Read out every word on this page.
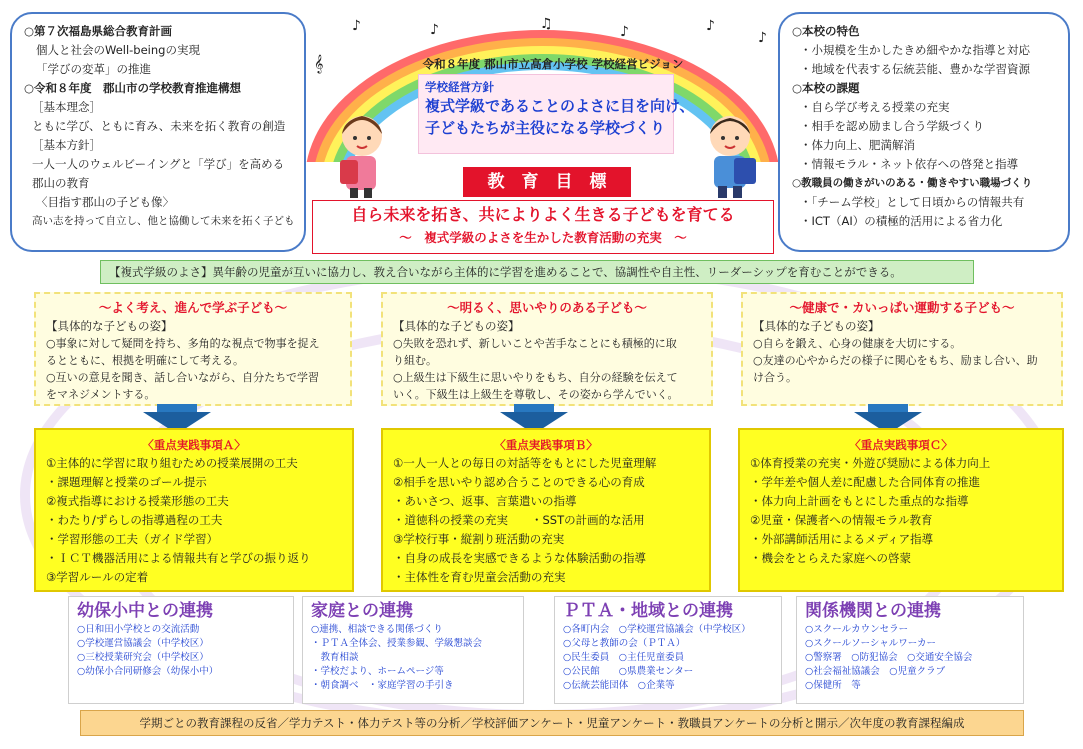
♪	♪	♫	♪	♪
♪
𝄞
○第７次福島県総合教育計画
個人と社会のWell-beingの実現
「学びの変革」の推進
○令和８年度　郡山市の学校教育推進構想
［基本理念］
ともに学び、ともに育み、未来を拓く教育の創造
［基本方針］
一人一人のウェルビーイングと「学び」を高める
郡山の教育
〈目指す郡山の子ども像〉
高い志を持って自立し、他と協働して未来を拓く子ども
○本校の特色
・小規模を生かしたきめ細やかな指導と対応
・地域を代表する伝統芸能、豊かな学習資源
○本校の課題
・自ら学び考える授業の充実
・相手を認め励まし合う学級づくり
・体力向上、肥満解消
・情報モラル・ネット依存への啓発と指導
○教職員の働きがいのある・働きやすい職場づくり
・「チーム学校」として日頃からの情報共有
・ICT（AI）の積極的活用による省力化
令和８年度 郡山市立高倉小学校 学校経営ビジョン
学校経営方針
複式学級であることのよさに目を向け、
子どもたちが主役になる学校づくり
教　育　目　標
自ら未来を拓き、共によりよく生きる子どもを育てる
～　複式学級のよさを生かした教育活動の充実　～
【複式学級のよさ】異年齢の児童が互いに協力し、教え合いながら主体的に学習を進めることで、協調性や自主性、リーダーシップを育むことができる。
～よく考え、進んで学ぶ子ども～
【具体的な子どもの姿】
○事象に対して疑問を持ち、多角的な視点で物事を捉え
るとともに、根拠を明確にして考える。
○互いの意見を聞き、話し合いながら、自分たちで学習
をマネジメントする。
～明るく、思いやりのある子ども～
【具体的な子どもの姿】
○失敗を恐れず、新しいことや苦手なことにも積極的に取
り組む。
○上級生は下級生に思いやりをもち、自分の経験を伝えて
いく。下級生は上級生を尊敬し、その姿から学んでいく。
～健康で・カいっぱい運動する子ども～
【具体的な子どもの姿】
○自らを鍛え、心身の健康を大切にする。
○友達の心やからだの様子に関心をもち、励まし合い、助
け合う。
〈重点実践事項Ａ〉
①主体的に学習に取り組むための授業展開の工夫
・課題理解と授業のゴール提示
②複式指導における授業形態の工夫
・わたり/ずらしの指導過程の工夫
・学習形態の工夫（ガイド学習）
・ＩＣＴ機器活用による情報共有と学びの振り返り
③学習ルールの定着
〈重点実践事項Ｂ〉
①一人一人との毎日の対話等をもとにした児童理解
②相手を思いやり認め合うことのできる心の育成
・あいさつ、返事、言葉遣いの指導
・道徳科の授業の充実　　・SSTの計画的な活用
③学校行事・縦割り班活動の充実
・自身の成長を実感できるような体験活動の指導
・主体性を育む児童会活動の充実
〈重点実践事項Ｃ〉
①体育授業の充実・外遊び奨励による体力向上
・学年差や個人差に配慮した合同体育の推進
・体力向上計画をもとにした重点的な指導
②児童・保護者への情報モラル教育
・外部講師活用によるメディア指導
・機会をとらえた家庭への啓蒙
幼保小中との連携
○日和田小学校との交流活動
○学校運営協議会（中学校区）
○三校授業研究会（中学校区）
○幼保小合同研修会（幼保小中）
家庭との連携
○連携、相談できる関係づくり
・ＰＴＡ全体会、授業参観、学級懇談会
　教育相談
・学校だより、ホームページ等
・朝食調べ　・家庭学習の手引き
ＰＴＡ・地域との連携
○各町内会　○学校運営協議会（中学校区）
○父母と教師の会（ＰＴＡ）
○民生委員　○主任児童委員
○公民館　　○県農業センター
○伝統芸能団体　○企業等
関係機関との連携
○スクールカウンセラー
○スクールソーシャルワーカー
○警察署　○防犯協会　○交通安全協会
○社会福祉協議会　○児童クラブ
○保健所　等
学期ごとの教育課程の反省／学力テスト・体力テスト等の分析／学校評価アンケート・児童アンケート・教職員アンケートの分析と開示／次年度の教育課程編成
